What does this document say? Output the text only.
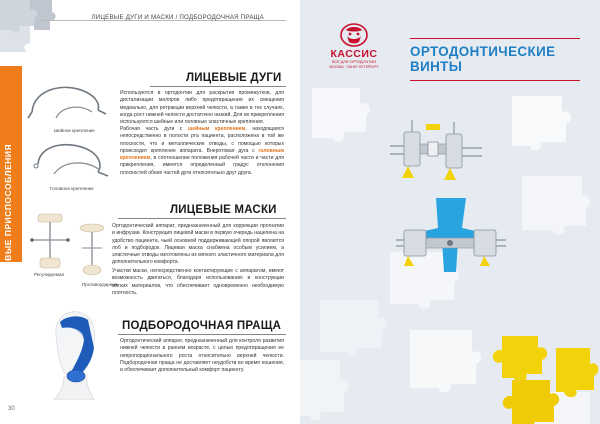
ЛИЦЕВЫЕ ДУГИ И МАСКИ / ПОДБОРОДОЧНАЯ ПРАЩА
ВНЕРОТОВЫЕ ПРИСПОСОБЛЕНИЯ
ЛИЦЕВЫЕ ДУГИ
Шейное крепление
Головное крепление
Используются в ортодонтии для раскрытия промежутков, для дистализации моляров либо предотвращения их смещения медиально, для ретракции верхней челюсти, а также в тех случаях, когда рост нижней челюсти достаточно низкий. Для их прикрепления используются шейные или головные эластичные крепления.
Рабочая часть дуги с шейным креплением, находящаяся непосредственно в полости рта пациента, расположена в той же плоскости, что и металлические отводы, с помощью которых происходит крепление аппарата. Внеротовая дуга с головным креплением, в соотношении положения рабочей части и части для прикрепления, имеется определенный градус отклонения плоскостей обеих частей дуги относительно друг друга.
ЛИЦЕВЫЕ МАСКИ
Регулируемая
Противоударная
Ортодонтический аппарат, предназначенный для коррекции прогнатии и инфрузии. Конструкция лицевой маски в первую очередь нацелена на удобство пациента, чьей основной поддерживающей опорой являются лоб и подбородок. Лицевая маска снабжена особым усилием, а эластичные отводы изготовлены из мягкого эластичного материала для дополнительного комфорта.
Участки маски, непосредственно контактирующие с аппаратом, имеют возможность двигаться, благодаря использованию в конструкции мягких материалов, что обеспечивает одновременно необходимую плотность.
ПОДБОРОДОЧНАЯ ПРАЩА
Ортодонтический аппарат, предназначенный для контроля развития нижней челюсти в раннем возрасте, с целью предотвращения ее непропорционального роста относительно верхней челюсти. Подбородочная праща не доставляет неудобств во время ношения, и обеспечивает дополнительный комфорт пациенту.
30
КАССИС
ВСЁ ДЛЯ ОРТОДОНТИИ
МОСКВА · САНКТ-ПЕТЕРБУРГ
ОРТОДОНТИЧЕСКИЕ
ВИНТЫ
